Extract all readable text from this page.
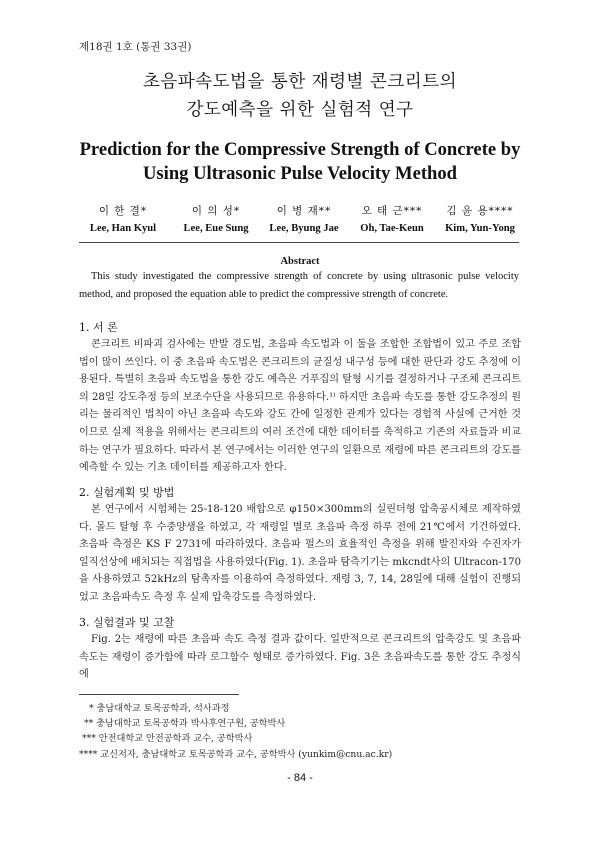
제18권 1호 (통권 33권)
초음파속도법을 통한 재령별 콘크리트의
강도예측을 위한 실험적 연구
Prediction for the Compressive Strength of Concrete by
Using Ultrasonic Pulse Velocity Method
이 한 결*
Lee, Han Kyul
이 의 성*
Lee, Eue Sung
이 병 재**
Lee, Byung Jae
오 태 근***
Oh, Tae-Keun
김 윤 용****
Kim, Yun-Yong
Abstract
This study investigated the compressive strength of concrete by using ultrasonic pulse velocity method, and proposed the equation able to predict the compressive strength of concrete.
1. 서 론
콘크리트 비파괴 검사에는 반발 경도법, 초음파 속도법과 이 둘을 조합한 조합법이 있고 주로 조합법이 많이 쓰인다. 이 중 초음파 속도법은 콘크리트의 균질성 내구성 등에 대한 판단과 강도 추정에 이용된다. 특별히 초음파 속도법을 통한 강도 예측은 거푸집의 탈형 시기를 결정하거나 구조체 콘크리트의 28일 강도추정 등의 보조수단을 사용되므로 유용하다.¹⁾ 하지만 초음파 속도를 통한 강도추정의 원리는 물리적인 법칙이 아닌 초음파 속도와 강도 간에 일정한 관계가 있다는 경험적 사실에 근거한 것이므로 실제 적용을 위해서는 콘크리트의 여러 조건에 대한 데이터를 축적하고 기존의 자료들과 비교하는 연구가 필요하다. 따라서 본 연구에서는 이러한 연구의 일환으로 재령에 따른 콘크리트의 강도를 예측할 수 있는 기초 데이터를 제공하고자 한다.
2. 실험계획 및 방법
본 연구에서 시험체는 25-18-120 배합으로 φ150×300mm의 실린더형 압축공시체로 제작하였다. 몰드 탈형 후 수중양생을 하였고, 각 재령일 별로 초음파 측정 하루 전에 21℃에서 기건하였다. 초음파 측정은 KS F 2731에 따라하였다. 초음파 펄스의 효율적인 측정을 위해 발진자와 수진자가 일직선상에 배치되는 직접법을 사용하였다(Fig. 1). 초음파 탐측기기는 mkcndt사의 Ultracon-170을 사용하였고 52kHz의 탐촉자를 이용하여 측정하였다. 재령 3, 7, 14, 28일에 대해 실험이 진행되었고 초음파속도 측정 후 실제 압축강도를 측정하였다.
3. 실험결과 및 고찰
Fig. 2는 재령에 따른 초음파 속도 측정 결과 값이다. 일반적으로 콘크리트의 압축강도 및 초음파속도는 재령이 증가함에 따라 로그함수 형태로 증가하였다. Fig. 3은 초음파속도를 통한 강도 추정식에
* 충남대학교 토목공학과, 석사과정
** 충남대학교 토목공학과 박사후연구원, 공학박사
*** 안전대학교 안전공학과 교수, 공학박사
**** 교신저자, 충남대학교 토목공학과 교수, 공학박사 (yunkim@cnu.ac.kr)
- 84 -
